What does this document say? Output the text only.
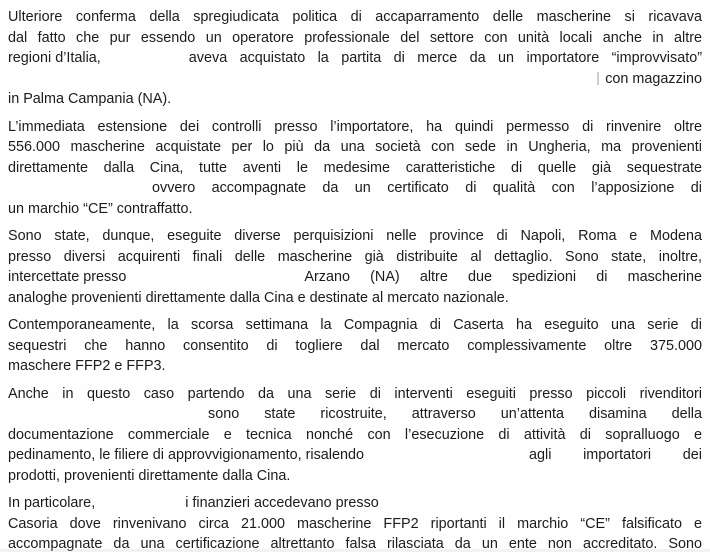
Ulteriore conferma della spregiudicata politica di accaparramento delle mascherine si ricavava
dal fatto che pur essendo un operatore professionale del settore con unità locali anche in altre
regioni d’Italia,	aveva acquistato la partita di merce da un importatore “improvvisato”
con magazzino
in Palma Campania (NA).
L’immediata estensione dei controlli presso l’importatore, ha quindi permesso di rinvenire oltre
556.000 mascherine acquistate per lo più da una società con sede in Ungheria, ma provenienti
direttamente dalla Cina, tutte aventi le medesime caratteristiche di quelle già sequestrate
ovvero accompagnate da un certificato di qualità con l’apposizione di
un marchio “CE” contraffatto.
Sono state, dunque, eseguite diverse perquisizioni nelle province di Napoli, Roma e Modena
presso diversi acquirenti finali delle mascherine già distribuite al dettaglio. Sono state, inoltre,
intercettate presso	Arzano (NA) altre due spedizioni di mascherine
analoghe provenienti direttamente dalla Cina e destinate al mercato nazionale.
Contemporaneamente, la scorsa settimana la Compagnia di Caserta ha eseguito una serie di
sequestri che hanno consentito di togliere dal mercato complessivamente oltre 375.000
maschere FFP2 e FFP3.
Anche in questo caso partendo da una serie di interventi eseguiti presso piccoli rivenditori
sono state ricostruite, attraverso un’attenta disamina della
documentazione commerciale e tecnica nonché con l’esecuzione di attività di sopralluogo e
pedinamento, le filiere di approvvigionamento, risalendo	agli importatori dei
prodotti, provenienti direttamente dalla Cina.
In particolare,	i finanzieri accedevano presso
Casoria dove rinvenivano circa 21.000 mascherine FFP2 riportanti il marchio “CE” falsificato e
accompagnate da una certificazione altrettanto falsa rilasciata da un ente non accreditato. Sono
